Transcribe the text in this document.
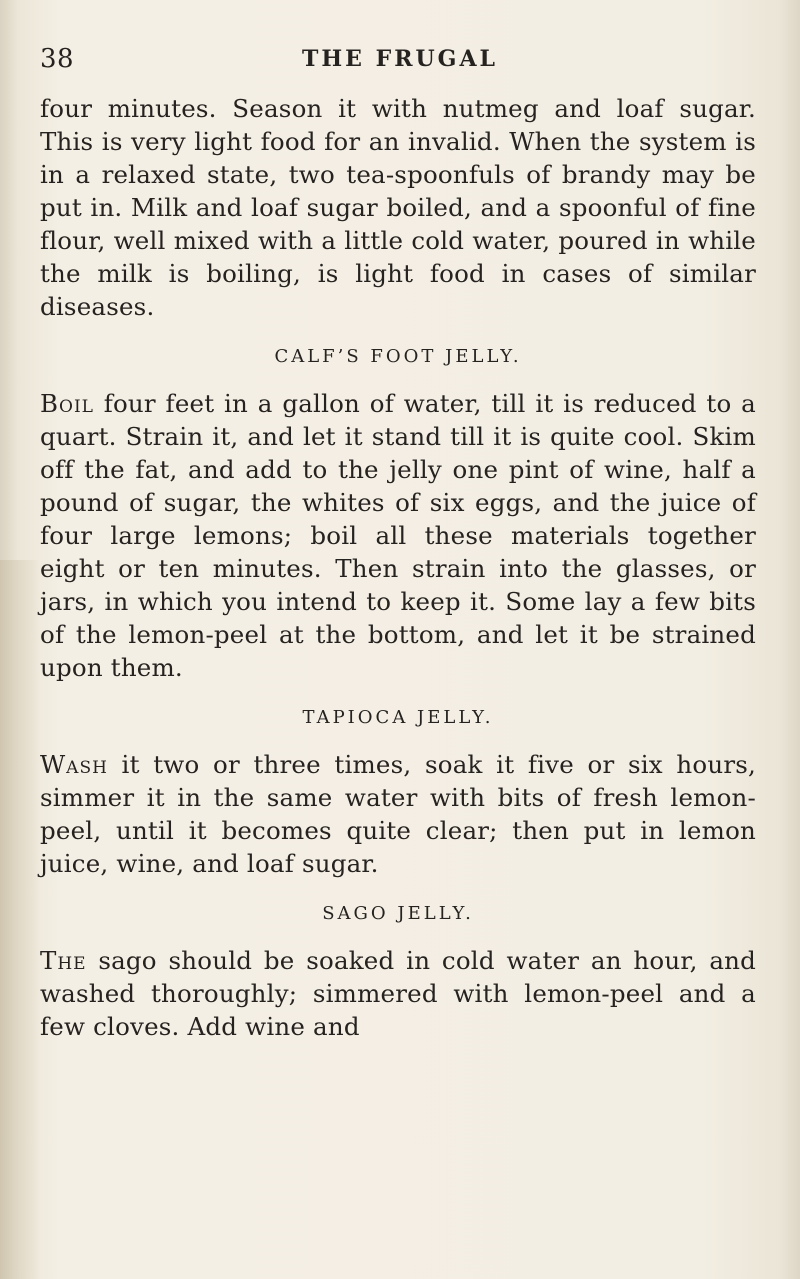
38	THE FRUGAL

four minutes. Season it with nutmeg and loaf sugar. This is very light food for an invalid. When the system is in a relaxed state, two tea-spoonfuls of brandy may be put in. Milk and loaf sugar boiled, and a spoonful of fine flour, well mixed with a little cold water, poured in while the milk is boiling, is light food in cases of similar diseases.

CALF’S FOOT JELLY.

Boil four feet in a gallon of water, till it is reduced to a quart. Strain it, and let it stand till it is quite cool. Skim off the fat, and add to the jelly one pint of wine, half a pound of sugar, the whites of six eggs, and the juice of four large lemons; boil all these materials together eight or ten minutes. Then strain into the glasses, or jars, in which you intend to keep it. Some lay a few bits of the lemon-peel at the bottom, and let it be strained upon them.

TAPIOCA JELLY.

Wash it two or three times, soak it five or six hours, simmer it in the same water with bits of fresh lemon-peel, until it becomes quite clear; then put in lemon juice, wine, and loaf sugar.

SAGO JELLY.

The sago should be soaked in cold water an hour, and washed thoroughly; simmered with lemon-peel and a few cloves. Add wine and
